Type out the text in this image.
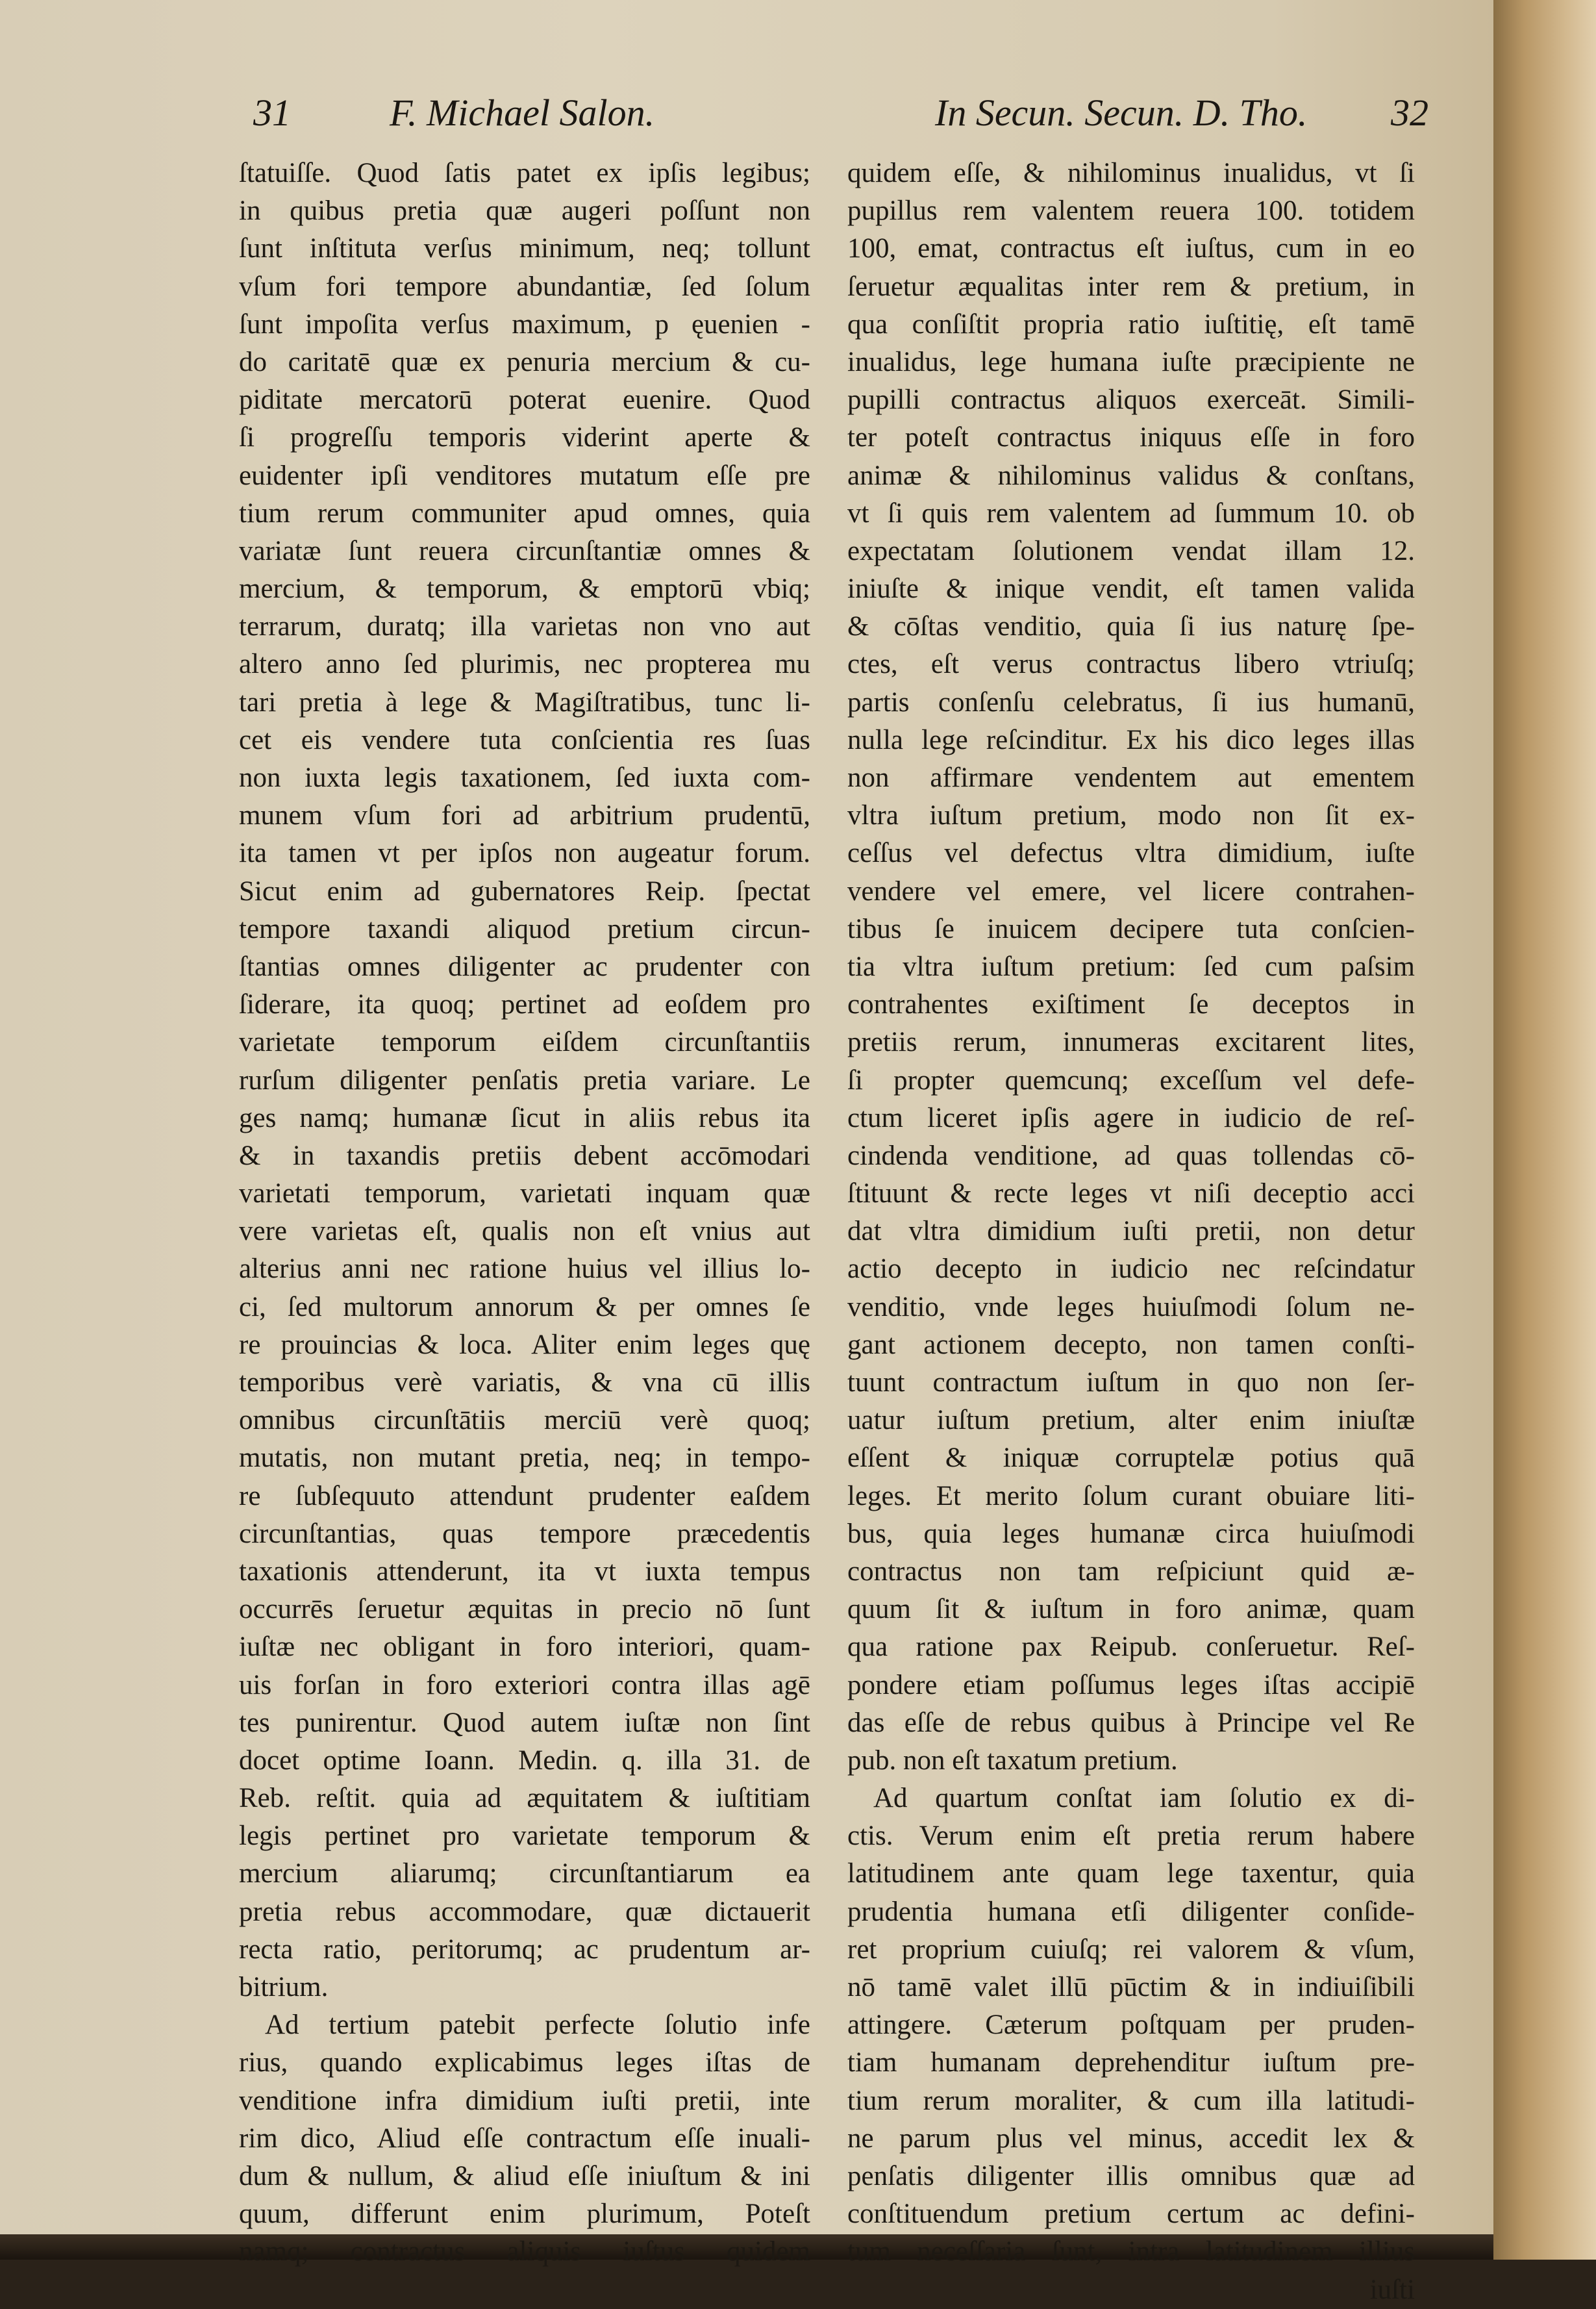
31	F. Michael Salon.	In Secun. Secun. D. Tho. 32
ſtatuiſſe. Quod ſatis patet ex ipſis legibus;
in quibus pretia quæ augeri poſſunt non
ſunt inſtituta verſus minimum, neq; tollunt
vſum fori tempore abundantiæ, ſed ſolum
ſunt impoſita verſus maximum, p ęuenien -
do caritatē quæ ex penuria mercium & cu-
piditate mercatorū poterat euenire. Quod
ſi progreſſu temporis viderint aperte &
euidenter ipſi venditores mutatum eſſe pre
tium rerum communiter apud omnes, quia
variatæ ſunt reuera circunſtantiæ omnes &
mercium, & temporum, & emptorū vbiq;
terrarum, duratq; illa varietas non vno aut
altero anno ſed plurimis, nec propterea mu
tari pretia à lege & Magiſtratibus, tunc li-
cet eis vendere tuta conſcientia res ſuas
non iuxta legis taxationem, ſed iuxta com-
munem vſum fori ad arbitrium prudentū,
ita tamen vt per ipſos non augeatur forum.
Sicut enim ad gubernatores Reip. ſpectat
tempore taxandi aliquod pretium circun-
ſtantias omnes diligenter ac prudenter con
ſiderare, ita quoq; pertinet ad eoſdem pro
varietate temporum eiſdem circunſtantiis
rurſum diligenter penſatis pretia variare. Le
ges namq; humanæ ſicut in aliis rebus ita
& in taxandis pretiis debent accōmodari
varietati temporum, varietati inquam quæ
vere varietas eſt, qualis non eſt vnius aut
alterius anni nec ratione huius vel illius lo-
ci, ſed multorum annorum & per omnes ſe
re prouincias & loca. Aliter enim leges quę
temporibus verè variatis, & vna cū illis
omnibus circunſtātiis merciū verè quoq;
mutatis, non mutant pretia, neq; in tempo-
re ſubſequuto attendunt prudenter eaſdem
circunſtantias, quas tempore præcedentis
taxationis attenderunt, ita vt iuxta tempus
occurrēs ſeruetur æquitas in precio nō ſunt
iuſtæ nec obligant in foro interiori, quam-
uis forſan in foro exteriori contra illas agē
tes punirentur. Quod autem iuſtæ non ſint
docet optime Ioann. Medin. q. illa 31. de
Reb. reſtit. quia ad æquitatem & iuſtitiam
legis pertinet pro varietate temporum &
mercium aliarumq; circunſtantiarum ea
pretia rebus accommodare, quæ dictauerit
recta ratio, peritorumq; ac prudentum ar-
bitrium.
Ad tertium patebit perfecte ſolutio infe
rius, quando explicabimus leges iſtas de
venditione infra dimidium iuſti pretii, inte
rim dico, Aliud eſſe contractum eſſe inuali-
dum & nullum, & aliud eſſe iniuſtum & ini
quum, differunt enim plurimum, Poteſt
namq; contractus aliquis iuſtus quidem
quidem eſſe, & nihilominus inualidus, vt ſi
pupillus rem valentem reuera 100. totidem
100, emat, contractus eſt iuſtus, cum in eo
ſeruetur æqualitas inter rem & pretium, in
qua conſiſtit propria ratio iuſtitię, eſt tamē
inualidus, lege humana iuſte præcipiente ne
pupilli contractus aliquos exerceāt. Simili-
ter poteſt contractus iniquus eſſe in foro
animæ & nihilominus validus & conſtans,
vt ſi quis rem valentem ad ſummum 10. ob
expectatam ſolutionem vendat illam 12.
iniuſte & inique vendit, eſt tamen valida
& cōſtas venditio, quia ſi ius naturę ſpe-
ctes, eſt verus contractus libero vtriuſq;
partis conſenſu celebratus, ſi ius humanū,
nulla lege reſcinditur. Ex his dico leges illas
non affirmare vendentem aut ementem
vltra iuſtum pretium, modo non ſit ex-
ceſſus vel defectus vltra dimidium, iuſte
vendere vel emere, vel licere contrahen-
tibus ſe inuicem decipere tuta conſcien-
tia vltra iuſtum pretium: ſed cum paſsim
contrahentes exiſtiment ſe deceptos in
pretiis rerum, innumeras excitarent lites,
ſi propter quemcunq; exceſſum vel defe-
ctum liceret ipſis agere in iudicio de reſ-
cindenda venditione, ad quas tollendas cō-
ſtituunt & recte leges vt niſi deceptio acci
dat vltra dimidium iuſti pretii, non detur
actio decepto in iudicio nec reſcindatur
venditio, vnde leges huiuſmodi ſolum ne-
gant actionem decepto, non tamen conſti-
tuunt contractum iuſtum in quo non ſer-
uatur iuſtum pretium, alter enim iniuſtæ
eſſent & iniquæ corruptelæ potius quā
leges. Et merito ſolum curant obuiare liti-
bus, quia leges humanæ circa huiuſmodi
contractus non tam reſpiciunt quid æ-
quum ſit & iuſtum in foro animæ, quam
qua ratione pax Reipub. conſeruetur. Reſ-
pondere etiam poſſumus leges iſtas accipiē
das eſſe de rebus quibus à Principe vel Re
pub. non eſt taxatum pretium.
Ad quartum conſtat iam ſolutio ex di-
ctis. Verum enim eſt pretia rerum habere
latitudinem ante quam lege taxentur, quia
prudentia humana etſi diligenter conſide-
ret proprium cuiuſq; rei valorem & vſum,
nō tamē valet illū pūctim & in indiuiſibili
attingere. Cæterum poſtquam per pruden-
tiam humanam deprehenditur iuſtum pre-
tium rerum moraliter, & cum illa latitudi-
ne parum plus vel minus, accedit lex &
penſatis diligenter illis omnibus quæ ad
conſtituendum pretium certum ac defini-
tum neceſſaria ſunt, intra latitudinem illius
iuſti
